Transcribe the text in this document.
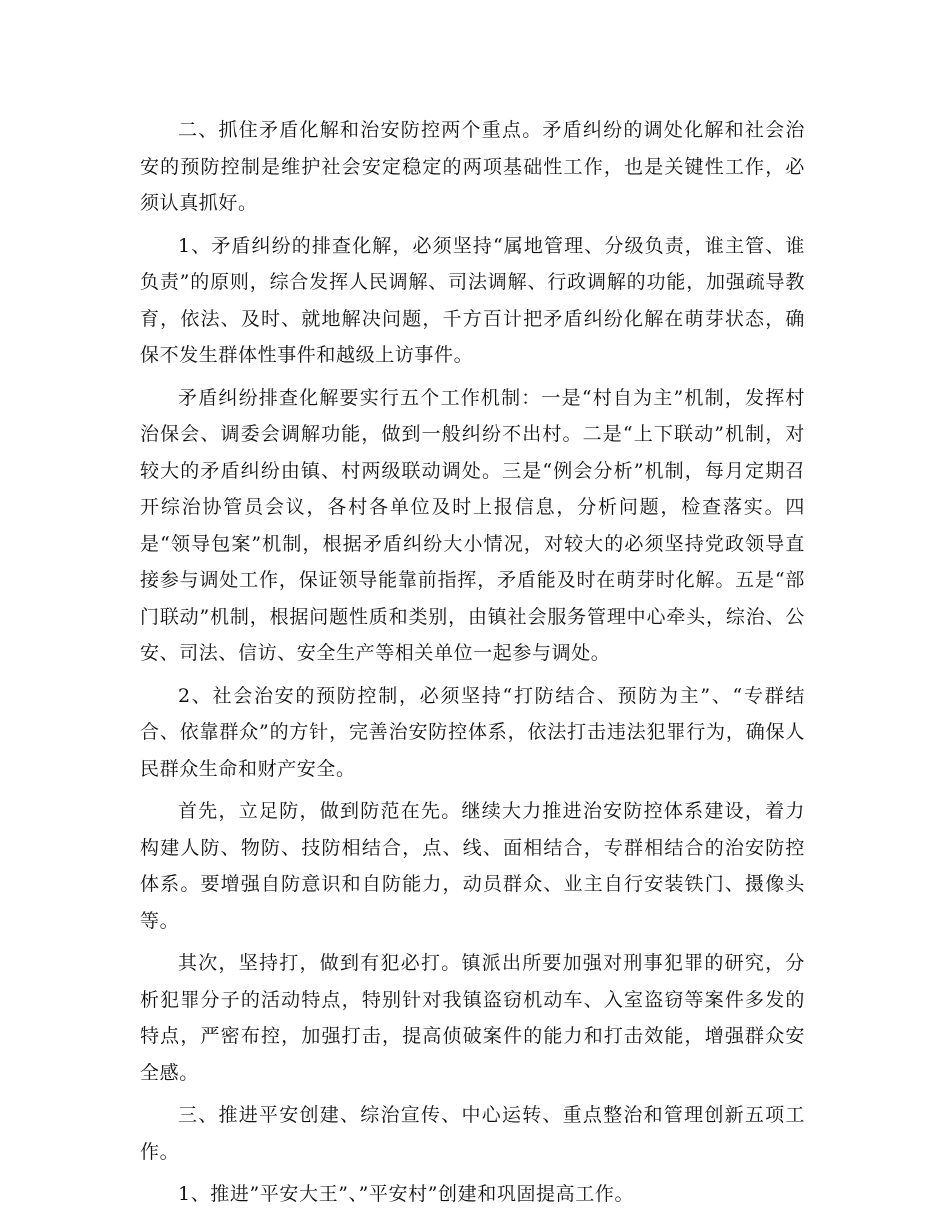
二、抓住矛盾化解和治安防控两个重点。矛盾纠纷的调处化解和社会治安的预防控制是维护社会安定稳定的两项基础性工作，也是关键性工作，必须认真抓好。

1、矛盾纠纷的排查化解，必须坚持“属地管理、分级负责，谁主管、谁负责”的原则，综合发挥人民调解、司法调解、行政调解的功能，加强疏导教育，依法、及时、就地解决问题，千方百计把矛盾纠纷化解在萌芽状态，确保不发生群体性事件和越级上访事件。

矛盾纠纷排查化解要实行五个工作机制：一是“村自为主”机制，发挥村治保会、调委会调解功能，做到一般纠纷不出村。二是“上下联动”机制，对较大的矛盾纠纷由镇、村两级联动调处。三是“例会分析”机制，每月定期召开综治协管员会议，各村各单位及时上报信息，分析问题，检查落实。四是“领导包案”机制，根据矛盾纠纷大小情况，对较大的必须坚持党政领导直接参与调处工作，保证领导能靠前指挥，矛盾能及时在萌芽时化解。五是“部门联动”机制，根据问题性质和类别，由镇社会服务管理中心牵头，综治、公安、司法、信访、安全生产等相关单位一起参与调处。

2、社会治安的预防控制，必须坚持“打防结合、预防为主”、“专群结合、依靠群众”的方针，完善治安防控体系，依法打击违法犯罪行为，确保人民群众生命和财产安全。

首先，立足防，做到防范在先。继续大力推进治安防控体系建设，着力构建人防、物防、技防相结合，点、线、面相结合，专群相结合的治安防控体系。要增强自防意识和自防能力，动员群众、业主自行安装铁门、摄像头等。

其次，坚持打，做到有犯必打。镇派出所要加强对刑事犯罪的研究，分析犯罪分子的活动特点，特别针对我镇盗窃机动车、入室盗窃等案件多发的特点，严密布控，加强打击，提高侦破案件的能力和打击效能，增强群众安全感。

三、推进平安创建、综治宣传、中心运转、重点整治和管理创新五项工作。

1、推进”平安大王”、”平安村”创建和巩固提高工作。
